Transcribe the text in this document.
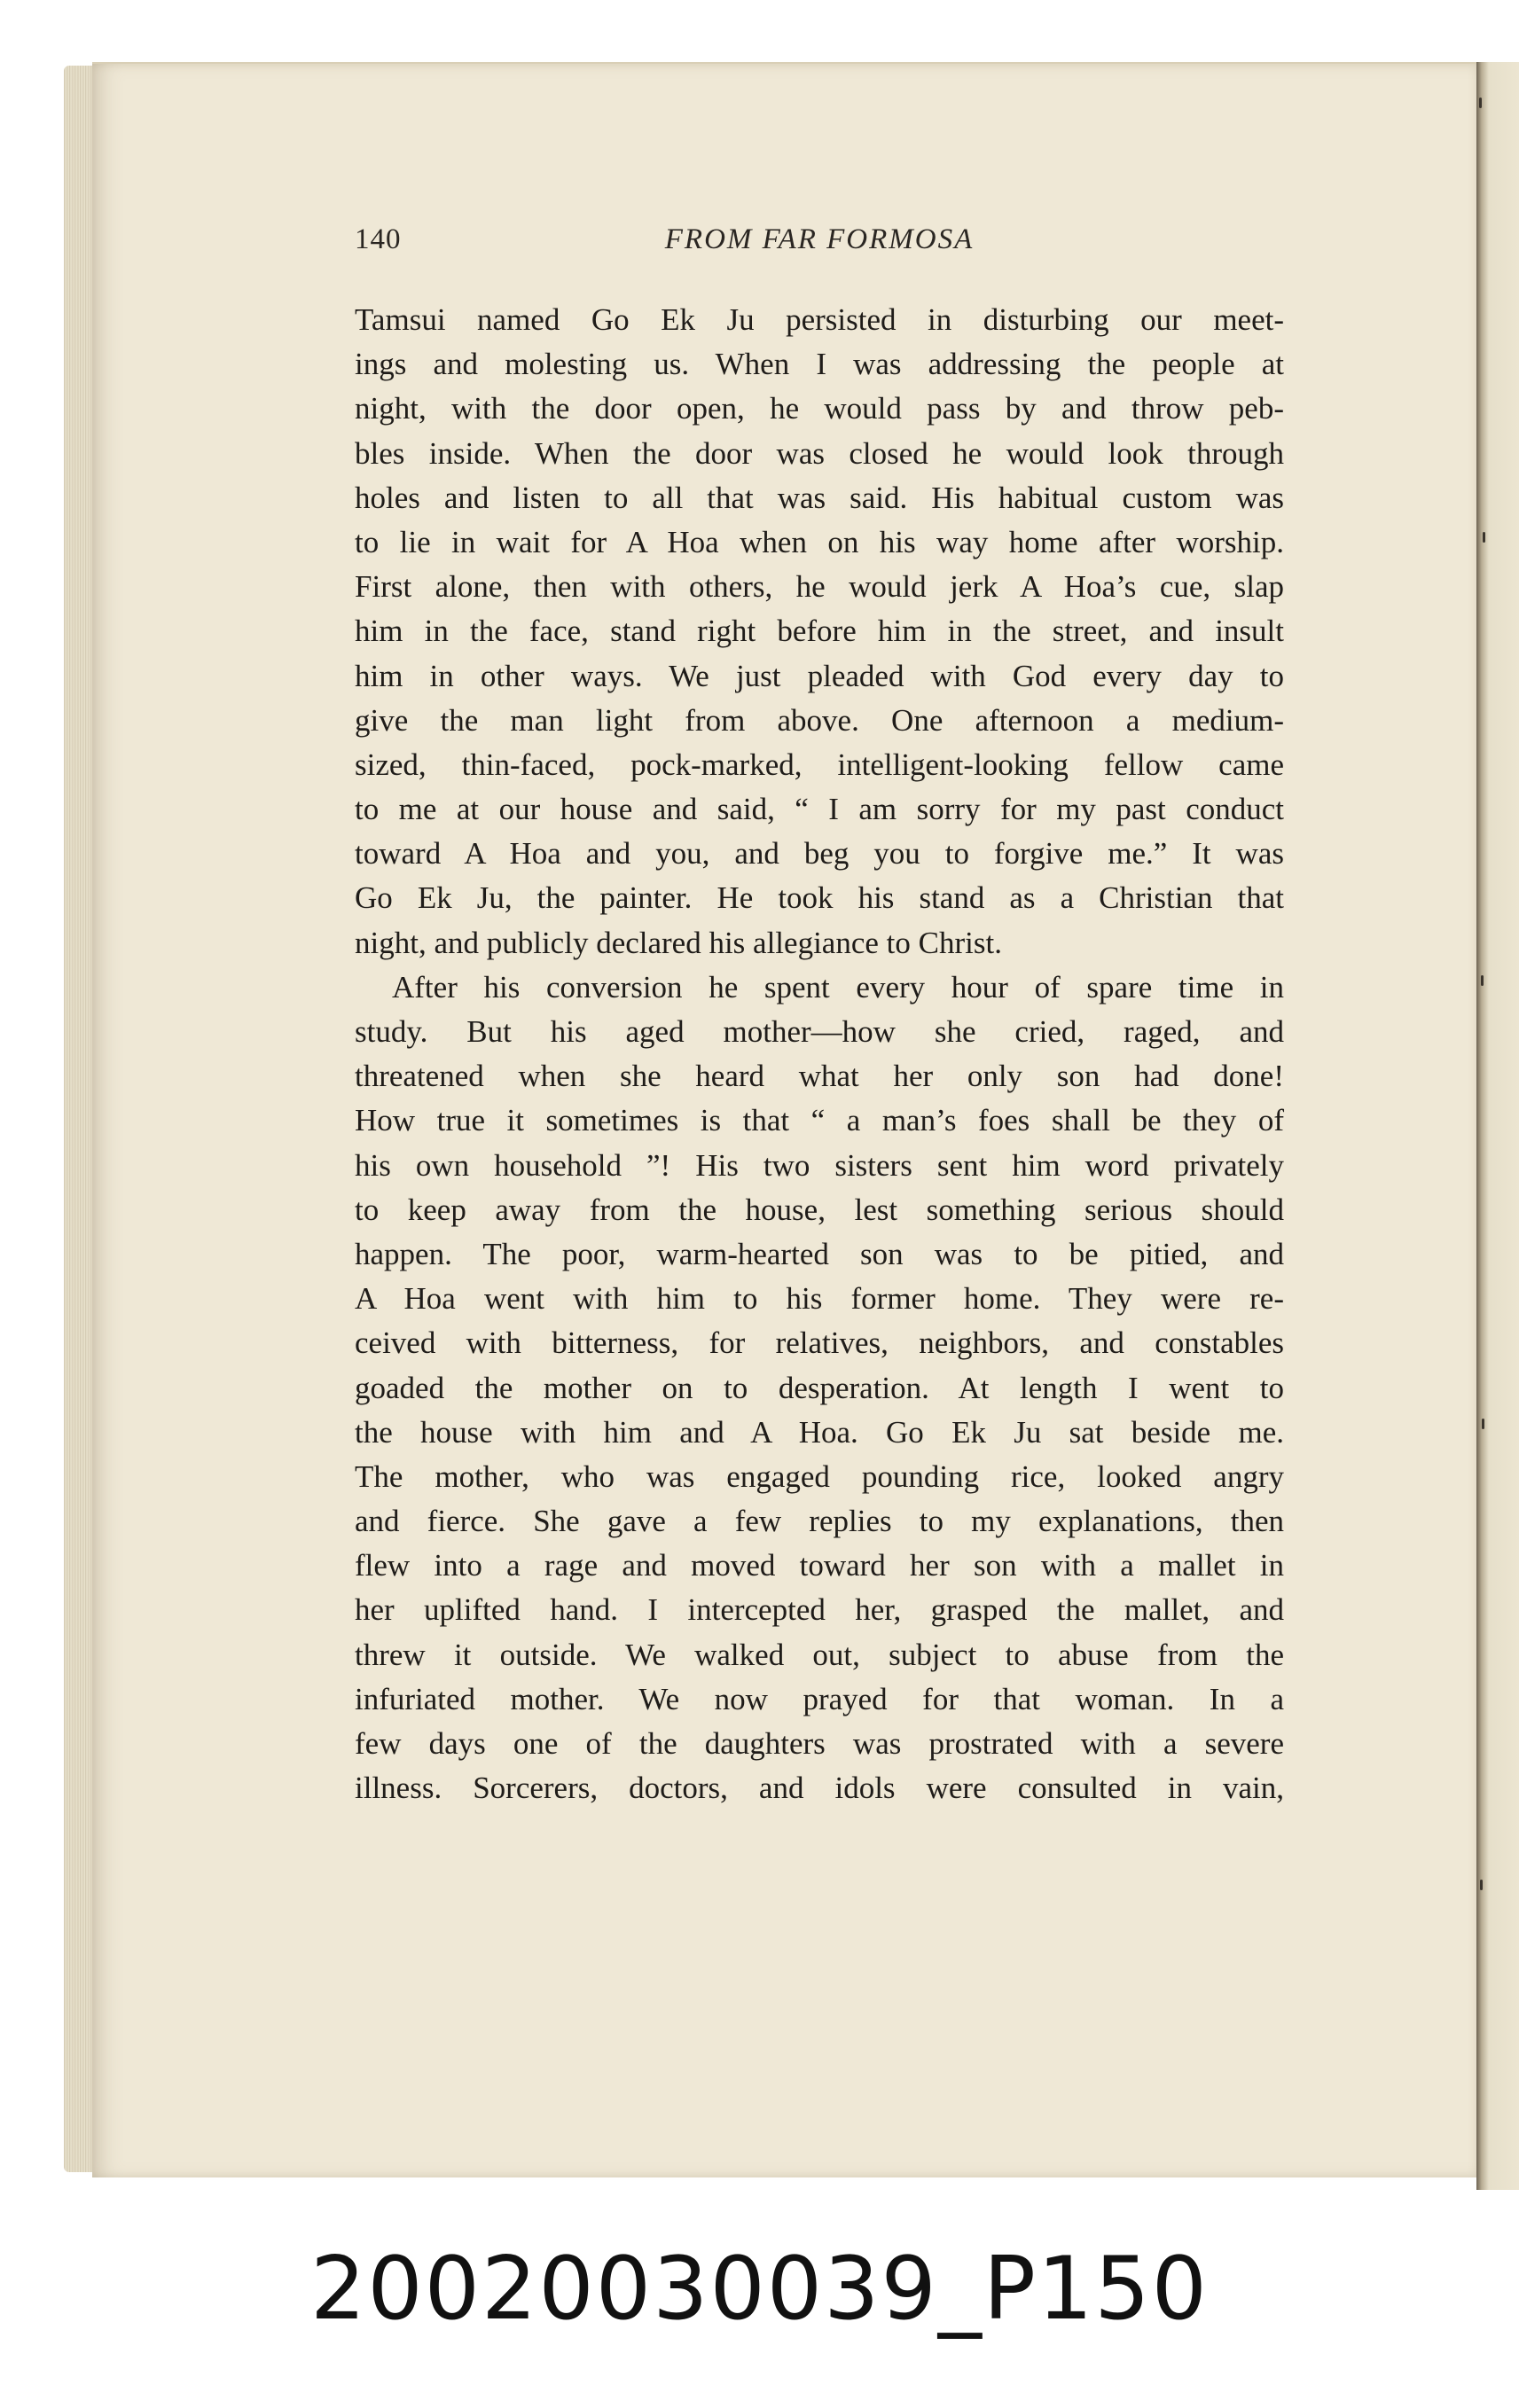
140	FROM FAR FORMOSA
Tamsui named Go Ek Ju persisted in disturbing our meet-
ings and molesting us. When I was addressing the people at
night, with the door open, he would pass by and throw peb-
bles inside. When the door was closed he would look through
holes and listen to all that was said. His habitual custom was
to lie in wait for A Hoa when on his way home after worship.
First alone, then with others, he would jerk A Hoa’s cue, slap
him in the face, stand right before him in the street, and insult
him in other ways. We just pleaded with God every day to
give the man light from above. One afternoon a medium-
sized, thin-faced, pock-marked, intelligent-looking fellow came
to me at our house and said, “ I am sorry for my past conduct
toward A Hoa and you, and beg you to forgive me.” It was
Go Ek Ju, the painter. He took his stand as a Christian that
night, and publicly declared his allegiance to Christ.
After his conversion he spent every hour of spare time in
study. But his aged mother—how she cried, raged, and
threatened when she heard what her only son had done!
How true it sometimes is that “ a man’s foes shall be they of
his own household ”! His two sisters sent him word privately
to keep away from the house, lest something serious should
happen. The poor, warm-hearted son was to be pitied, and
A Hoa went with him to his former home. They were re-
ceived with bitterness, for relatives, neighbors, and constables
goaded the mother on to desperation. At length I went to
the house with him and A Hoa. Go Ek Ju sat beside me.
The mother, who was engaged pounding rice, looked angry
and fierce. She gave a few replies to my explanations, then
flew into a rage and moved toward her son with a mallet in
her uplifted hand. I intercepted her, grasped the mallet, and
threw it outside. We walked out, subject to abuse from the
infuriated mother. We now prayed for that woman. In a
few days one of the daughters was prostrated with a severe
illness. Sorcerers, doctors, and idols were consulted in vain,
20020030039_P150
